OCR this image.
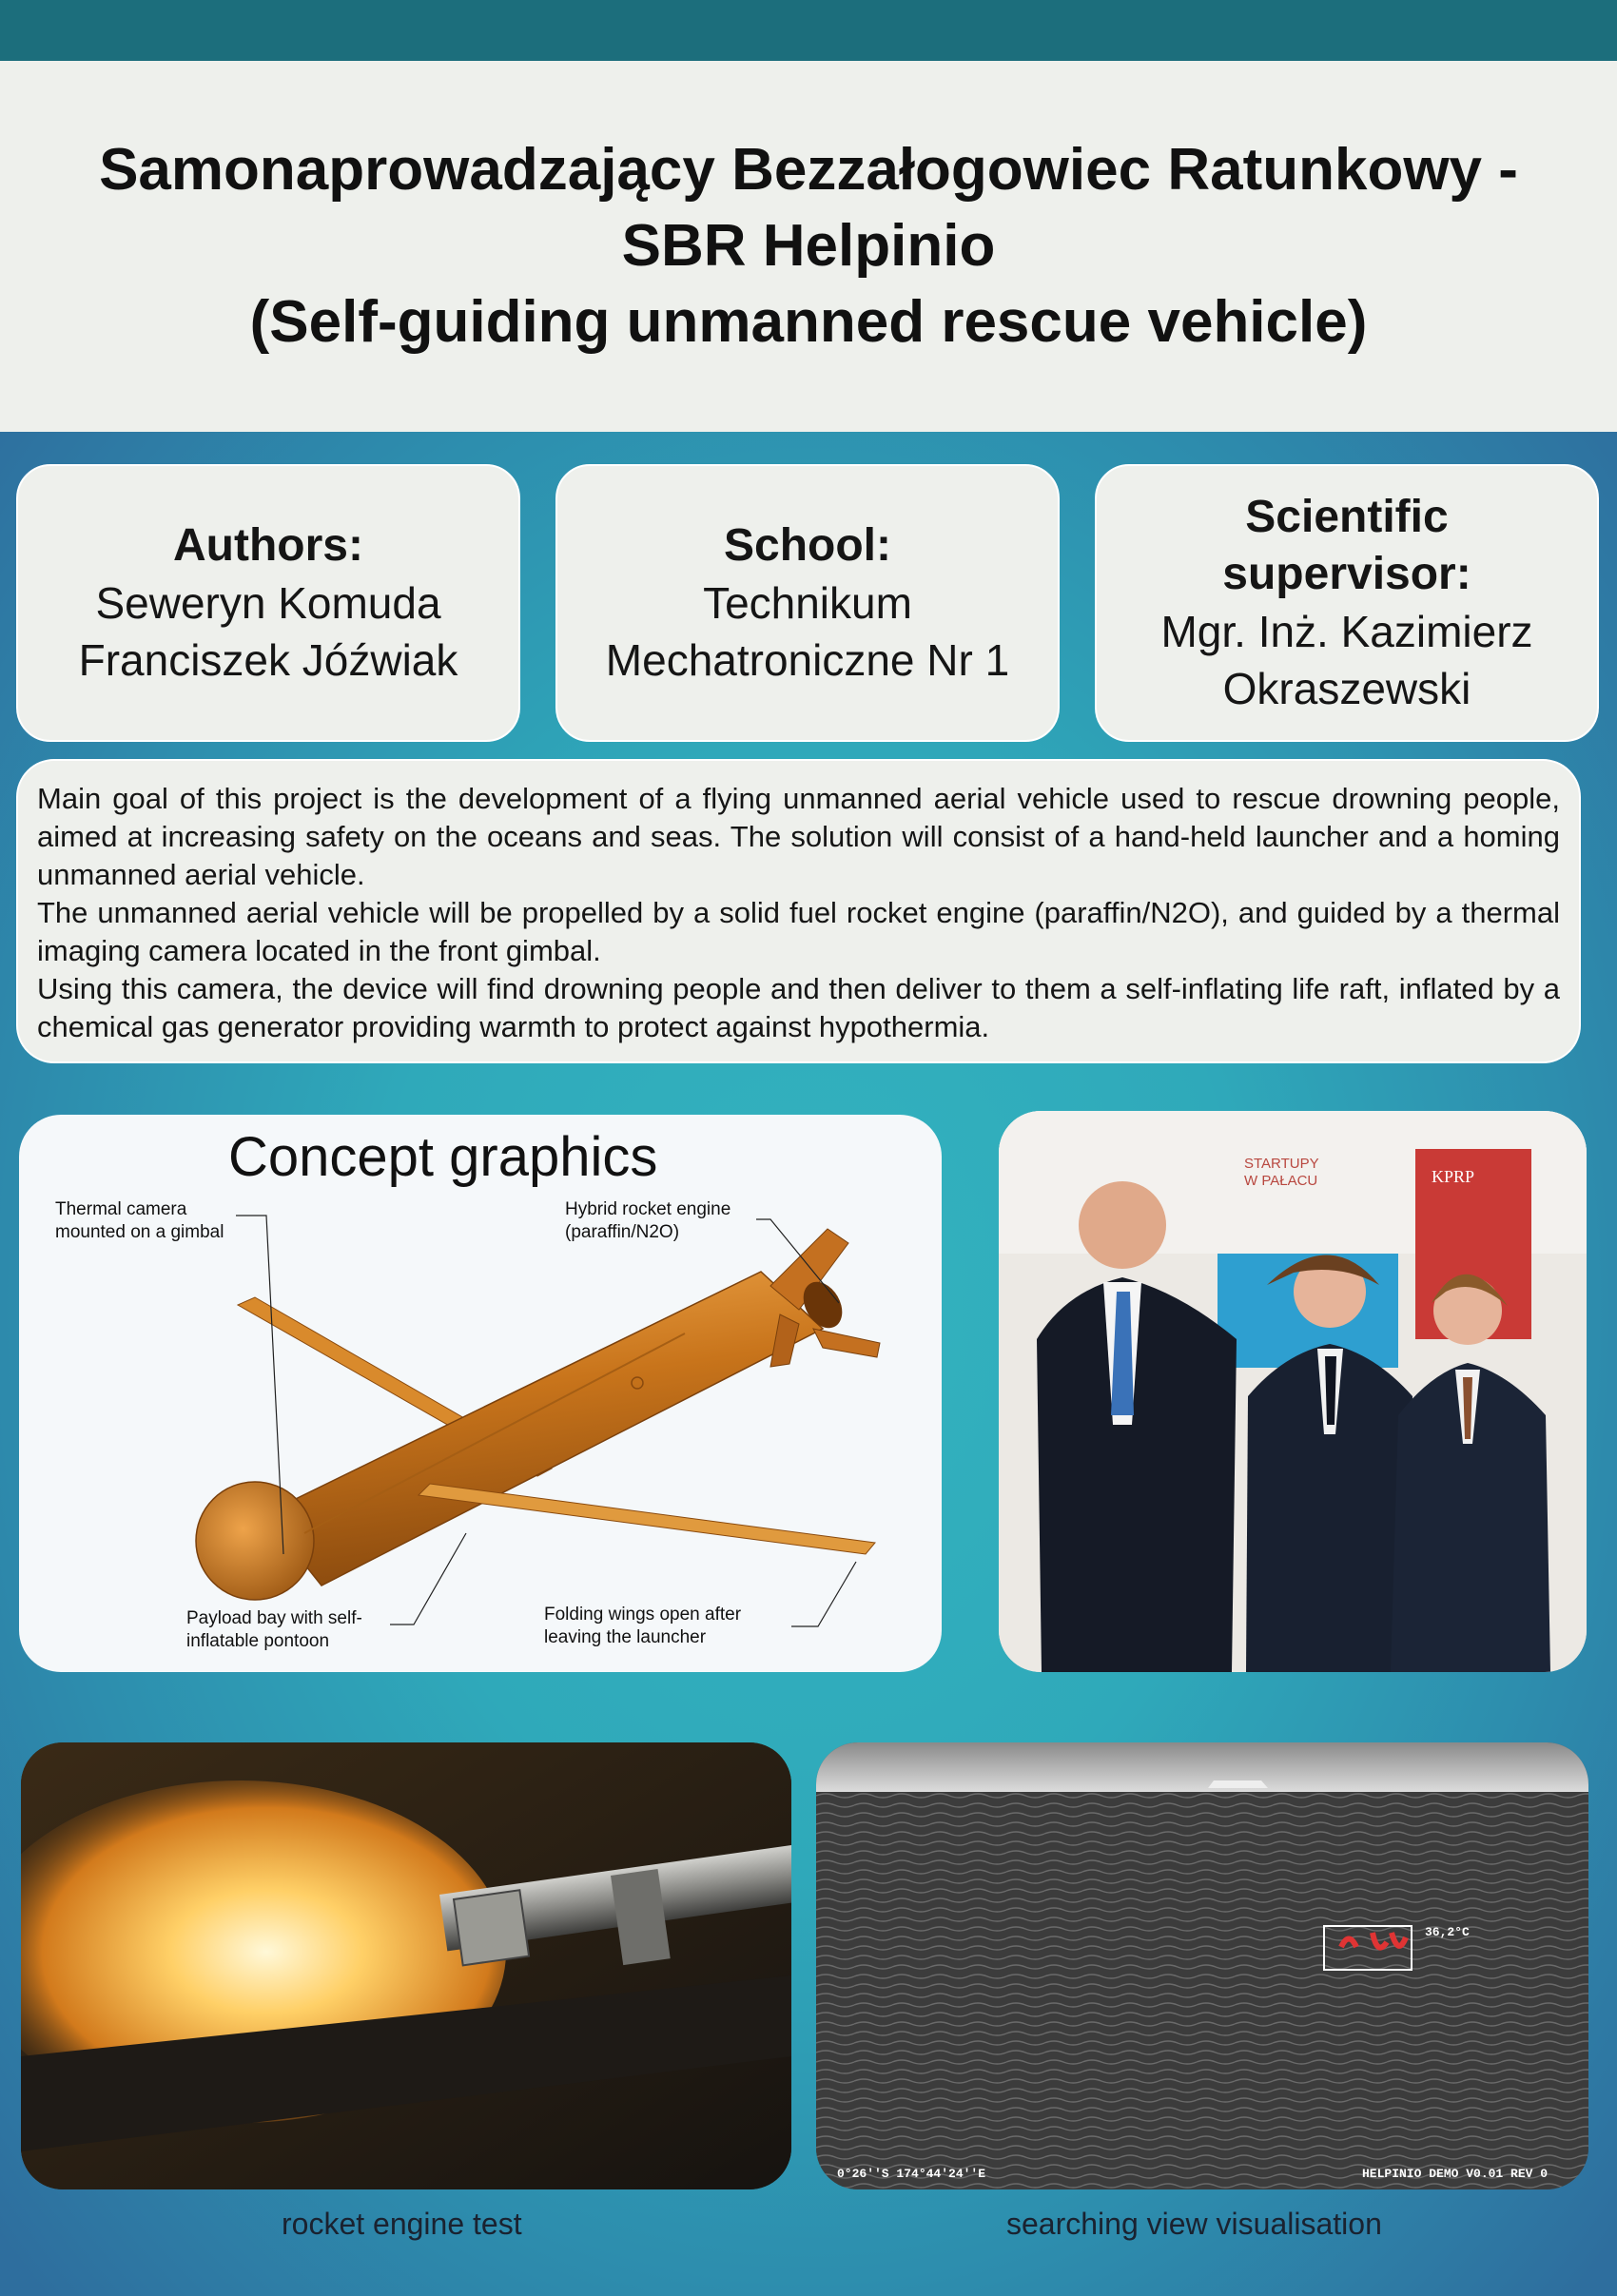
Samonaprowadzający Bezzałogowiec Ratunkowy -
SBR Helpinio
(Self-guiding unmanned rescue vehicle)
Authors:
Seweryn Komuda
Franciszek Jóźwiak
School:
Technikum
Mechatroniczne Nr 1
Scientific
supervisor:
Mgr. Inż. Kazimierz
Okraszewski

Main goal of this project is the development of a flying unmanned aerial vehicle used to rescue drowning people, aimed at increasing safety on the oceans and seas. The solution will consist of a hand-held launcher and a homing unmanned aerial vehicle.

The unmanned aerial vehicle will be propelled by a solid fuel rocket engine (paraffin/N2O), and guided by a thermal imaging camera located in the front gimbal.

Using this camera, the device will find drowning people and then deliver to them a self-inflating life raft, inflated by a chemical gas generator providing warmth to protect against hypothermia.

Concept graphics
Thermal camera
mounted on a gimbal
Hybrid rocket engine
(paraffin/N2O)
Payload bay with self-
inflatable pontoon
Folding wings open after
leaving the launcher
KPRP
STARTUPY
W PAŁACU
36,2°C
0°26''S 174°44'24''E	HELPINIO DEMO V0.01 REV 0
rocket engine test	searching view visualisation
